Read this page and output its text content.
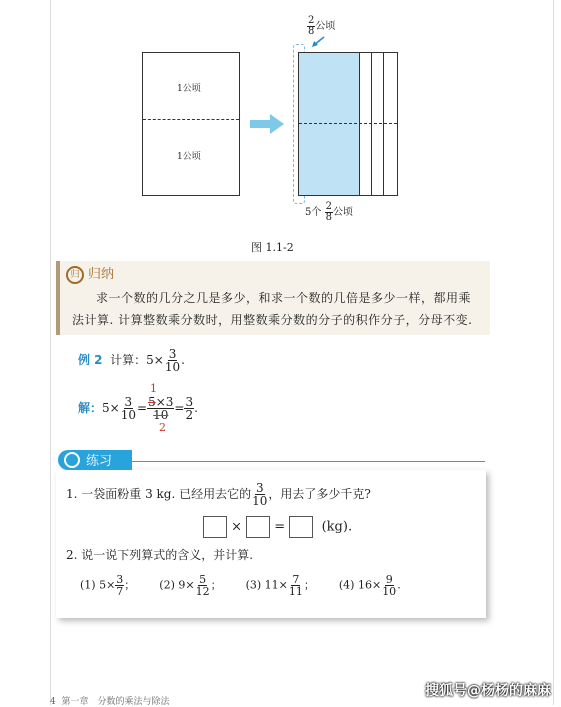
1公顷
1公顷
$\frac{2}{8}$ 公顷
5个 $\frac{2}{8}$ 公顷
图 1.1-2
归 归纳
求一个数的几分之几是多少，和求一个数的几倍是多少一样，都用乘法计算. 计算整数乘分数时，用整数乘分数的分子的积作分子，分母不变.
例 2 计算：$5\times \frac{3}{10}$ .
解：$5\times \frac{3}{10} = \frac{5\times 3}{10} = \frac{3}{2}$ .
1
2
练习
1. 一袋面粉重 3 kg. 已经用去它的 $\frac{3}{10}$ ，用去了多少千克?
×  =   (kg).
2. 说一说下列算式的含义，并计算.
(1) $5\times \frac{3}{7}$ ； (2) $9\times \frac{5}{12}$ ； (3) $11\times \frac{7}{11}$ ； (4) $16\times \frac{9}{10}$ .
4 第一章　分数的乘法与除法
搜狐号@杨杨的麻麻
